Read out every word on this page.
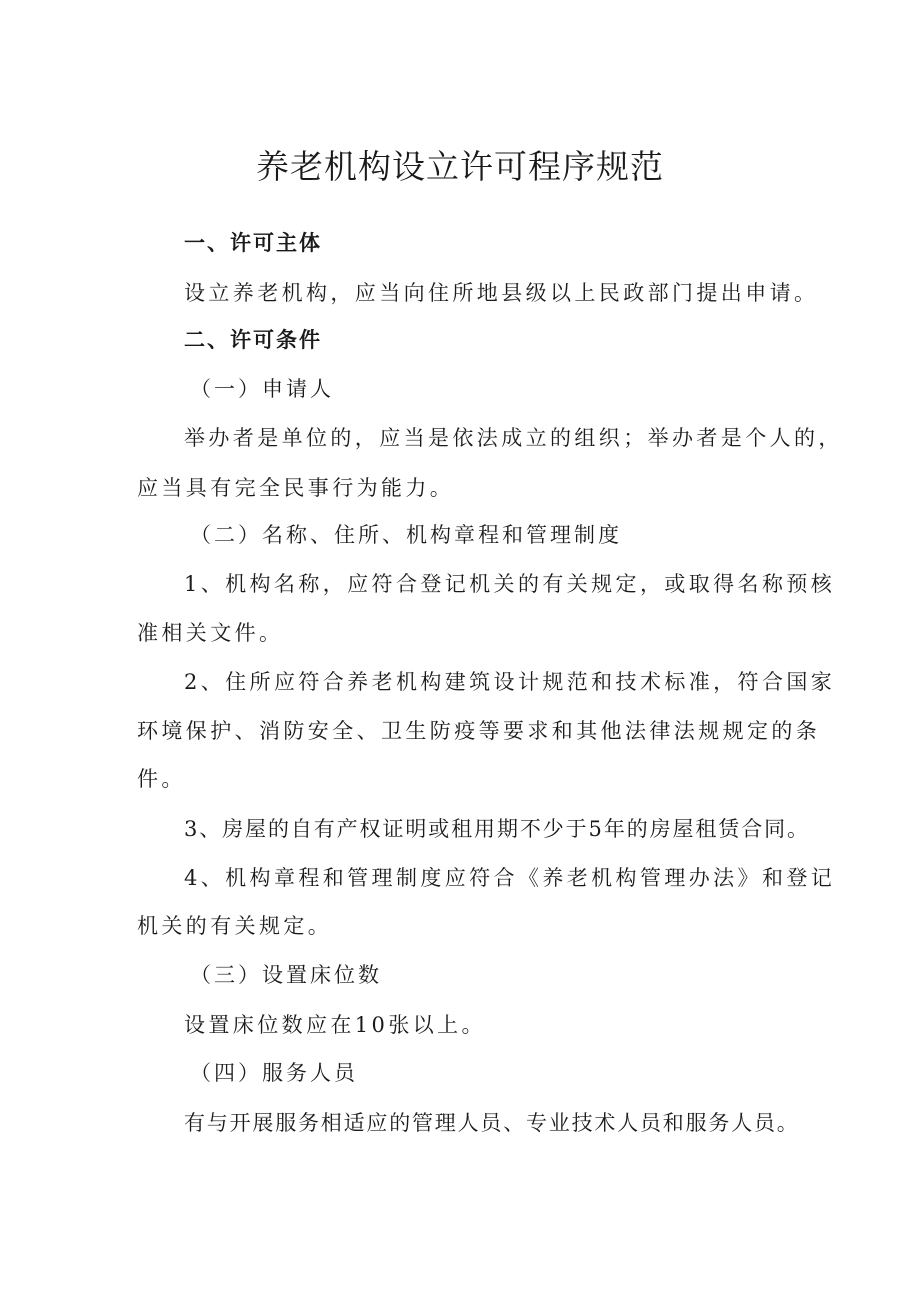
养老机构设立许可程序规范
一、许可主体
设立养老机构，应当向住所地县级以上民政部门提出申请。
二、许可条件
（一）申请人
举办者是单位的，应当是依法成立的组织；举办者是个人的，
应当具有完全民事行为能力。
（二）名称、住所、机构章程和管理制度
1、机构名称，应符合登记机关的有关规定，或取得名称预核
准相关文件。
2、住所应符合养老机构建筑设计规范和技术标准，符合国家
环境保护、消防安全、卫生防疫等要求和其他法律法规规定的条
件。
3、房屋的自有产权证明或租用期不少于5年的房屋租赁合同。
4、机构章程和管理制度应符合《养老机构管理办法》和登记
机关的有关规定。
（三）设置床位数
设置床位数应在10张以上。
（四）服务人员
有与开展服务相适应的管理人员、专业技术人员和服务人员。
